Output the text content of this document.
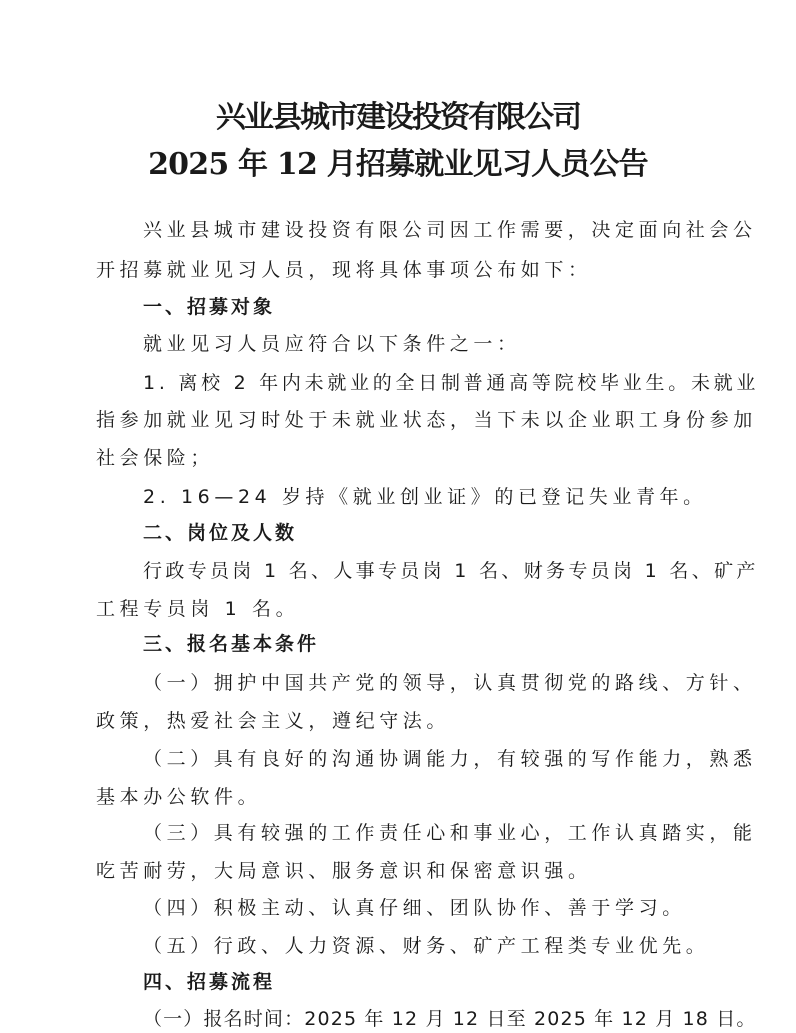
兴业县城市建设投资有限公司
2025 年 12 月招募就业见习人员公告
兴业县城市建设投资有限公司因工作需要，决定面向社会公
开招募就业见习人员，现将具体事项公布如下：
一、招募对象
就业见习人员应符合以下条件之一：
1. 离校 2 年内未就业的全日制普通高等院校毕业生。未就业
指参加就业见习时处于未就业状态，当下未以企业职工身份参加
社会保险；
2. 16—24 岁持《就业创业证》的已登记失业青年。
二、岗位及人数
行政专员岗 1 名、人事专员岗 1 名、财务专员岗 1 名、矿产
工程专员岗 1 名。
三、报名基本条件
（一）拥护中国共产党的领导，认真贯彻党的路线、方针、
政策，热爱社会主义，遵纪守法。
（二）具有良好的沟通协调能力，有较强的写作能力，熟悉
基本办公软件。
（三）具有较强的工作责任心和事业心，工作认真踏实，能
吃苦耐劳，大局意识、服务意识和保密意识强。
（四）积极主动、认真仔细、团队协作、善于学习。
（五）行政、人力资源、财务、矿产工程类专业优先。
四、招募流程
（一）报名时间：2025 年 12 月 12 日至 2025 年 12 月 18 日。
